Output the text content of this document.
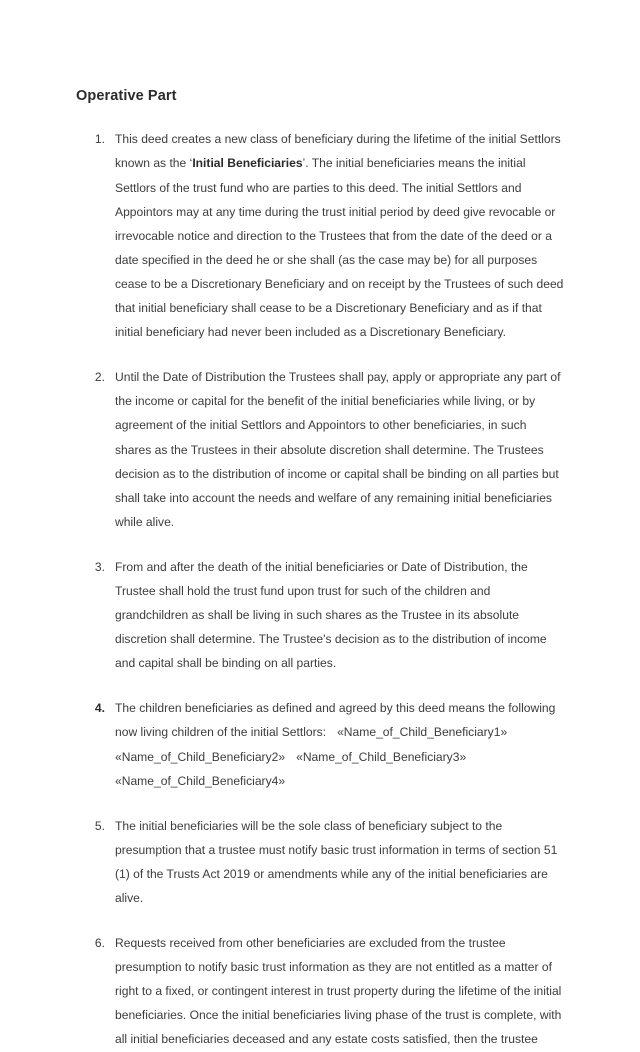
Operative Part
1. This deed creates a new class of beneficiary during the lifetime of the initial Settlors known as the ‘Initial Beneficiaries’. The initial beneficiaries means the initial Settlors of the trust fund who are parties to this deed. The initial Settlors and Appointors may at any time during the trust initial period by deed give revocable or irrevocable notice and direction to the Trustees that from the date of the deed or a date specified in the deed he or she shall (as the case may be) for all purposes cease to be a Discretionary Beneficiary and on receipt by the Trustees of such deed that initial beneficiary shall cease to be a Discretionary Beneficiary and as if that initial beneficiary had never been included as a Discretionary Beneficiary.
2. Until the Date of Distribution the Trustees shall pay, apply or appropriate any part of the income or capital for the benefit of the initial beneficiaries while living, or by agreement of the initial Settlors and Appointors to other beneficiaries, in such shares as the Trustees in their absolute discretion shall determine. The Trustees decision as to the distribution of income or capital shall be binding on all parties but shall take into account the needs and welfare of any remaining initial beneficiaries while alive.
3. From and after the death of the initial beneficiaries or Date of Distribution, the Trustee shall hold the trust fund upon trust for such of the children and grandchildren as shall be living in such shares as the Trustee in its absolute discretion shall determine. The Trustee's decision as to the distribution of income and capital shall be binding on all parties.
4. The children beneficiaries as defined and agreed by this deed means the following now living children of the initial Settlors: «Name_of_Child_Beneficiary1» «Name_of_Child_Beneficiary2» «Name_of_Child_Beneficiary3» «Name_of_Child_Beneficiary4»
5. The initial beneficiaries will be the sole class of beneficiary subject to the presumption that a trustee must notify basic trust information in terms of section 51 (1) of the Trusts Act 2019 or amendments while any of the initial beneficiaries are alive.
6. Requests received from other beneficiaries are excluded from the trustee presumption to notify basic trust information as they are not entitled as a matter of right to a fixed, or contingent interest in trust property during the lifetime of the initial beneficiaries. Once the initial beneficiaries living phase of the trust is complete, with all initial beneficiaries deceased and any estate costs satisfied, then the trustee
